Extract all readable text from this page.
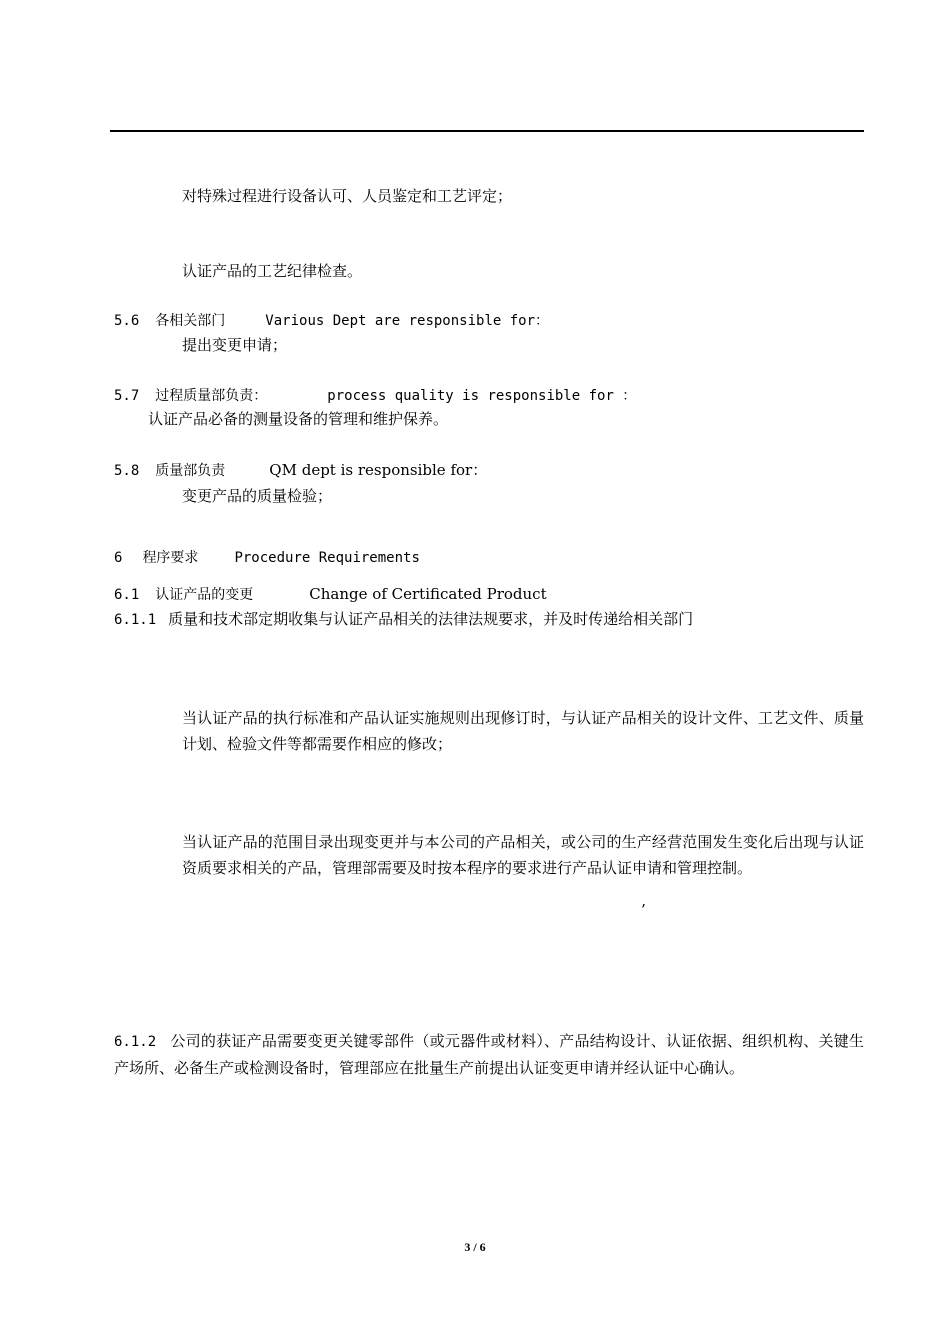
对特殊过程进行设备认可、人员鉴定和工艺评定；
认证产品的工艺纪律检查。
5.6 各相关部门	Various Dept are responsible for：
提出变更申请；
5.7 过程质量部负责：	process quality is responsible for ：
认证产品必备的测量设备的管理和维护保养。
5.8 质量部负责	QM dept is responsible for：
变更产品的质量检验；
6 程序要求	Procedure Requirements
6.1 认证产品的变更	Change of Certificated Product
6.1.1 质量和技术部定期收集与认证产品相关的法律法规要求，并及时传递给相关部门
当认证产品的执行标准和产品认证实施规则出现修订时，与认证产品相关的设计文件、工艺文件、质量计划、检验文件等都需要作相应的修改；
当认证产品的范围目录出现变更并与本公司的产品相关，或公司的生产经营范围发生变化后出现与认证资质要求相关的产品，管理部需要及时按本程序的要求进行产品认证申请和管理控制。
’
6.1.2 公司的获证产品需要变更关键零部件（或元器件或材料）、产品结构设计、认证依据、组织机构、关键生产场所、必备生产或检测设备时，管理部应在批量生产前提出认证变更申请并经认证中心确认。
3 / 6
